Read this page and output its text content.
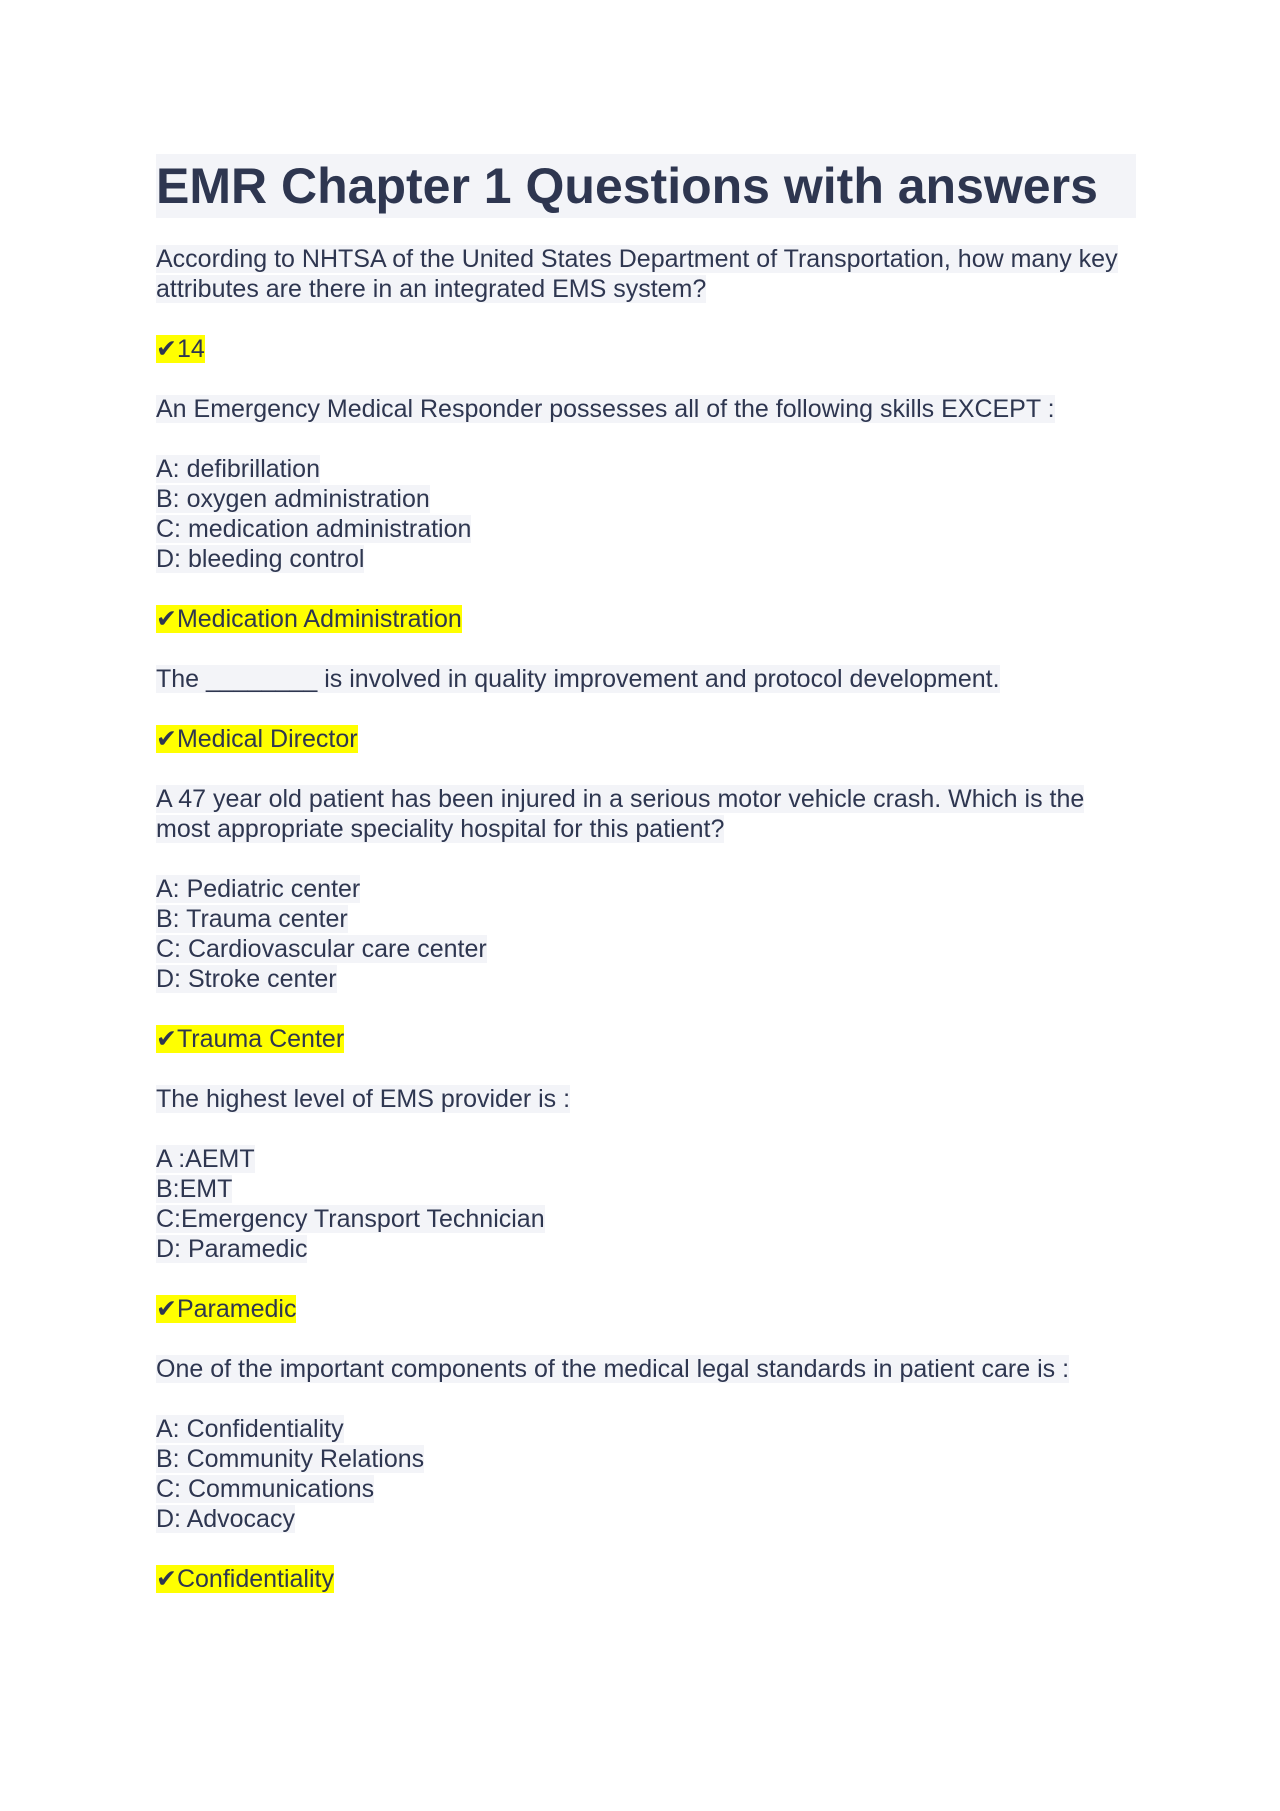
EMR Chapter 1 Questions with answers

According to NHTSA of the United States Department of Transportation, how many key attributes are there in an integrated EMS system?

✔14

An Emergency Medical Responder possesses all of the following skills EXCEPT :

A: defibrillation
B: oxygen administration
C: medication administration
D: bleeding control

✔Medication Administration

The ________ is involved in quality improvement and protocol development.

✔Medical Director

A 47 year old patient has been injured in a serious motor vehicle crash. Which is the most appropriate speciality hospital for this patient?

A: Pediatric center
B: Trauma center
C: Cardiovascular care center
D: Stroke center

✔Trauma Center

The highest level of EMS provider is :

A :AEMT
B:EMT
C:Emergency Transport Technician
D: Paramedic

✔Paramedic

One of the important components of the medical legal standards in patient care is :

A: Confidentiality
B: Community Relations
C: Communications
D: Advocacy

✔Confidentiality
